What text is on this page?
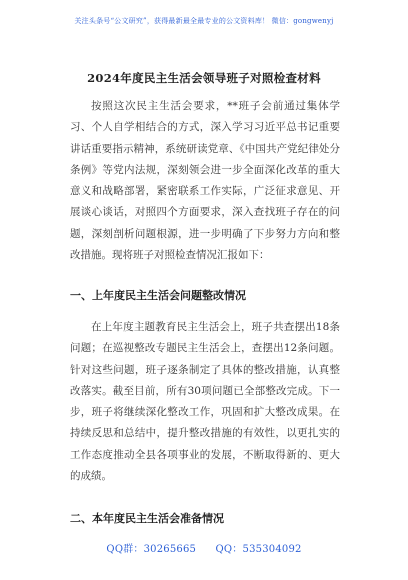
关注头条号“公文研究”，获得最新最全最专业的公文资料库！ 微信：gongwenyj
2024年度民主生活会领导班子对照检查材料
按照这次民主生活会要求，**班子会前通过集体学习、个人自学相结合的方式，深入学习习近平总书记重要讲话重要指示精神，系统研读党章、《中国共产党纪律处分条例》等党内法规，深刻领会进一步全面深化改革的重大意义和战略部署，紧密联系工作实际，广泛征求意见、开展谈心谈话，对照四个方面要求，深入查找班子存在的问题，深刻剖析问题根源，进一步明确了下步努力方向和整改措施。现将班子对照检查情况汇报如下：
一、上年度民主生活会问题整改情况
在上年度主题教育民主生活会上，班子共查摆出18条问题；在巡视整改专题民主生活会上，查摆出12条问题。针对这些问题，班子逐条制定了具体的整改措施，认真整改落实。截至目前，所有30项问题已全部整改完成。下一步，班子将继续深化整改工作，巩固和扩大整改成果。在持续反思和总结中，提升整改措施的有效性，以更扎实的工作态度推动全县各项事业的发展，不断取得新的、更大的成绩。
二、本年度民主生活会准备情况
QQ群：30265665 QQ：535304092
